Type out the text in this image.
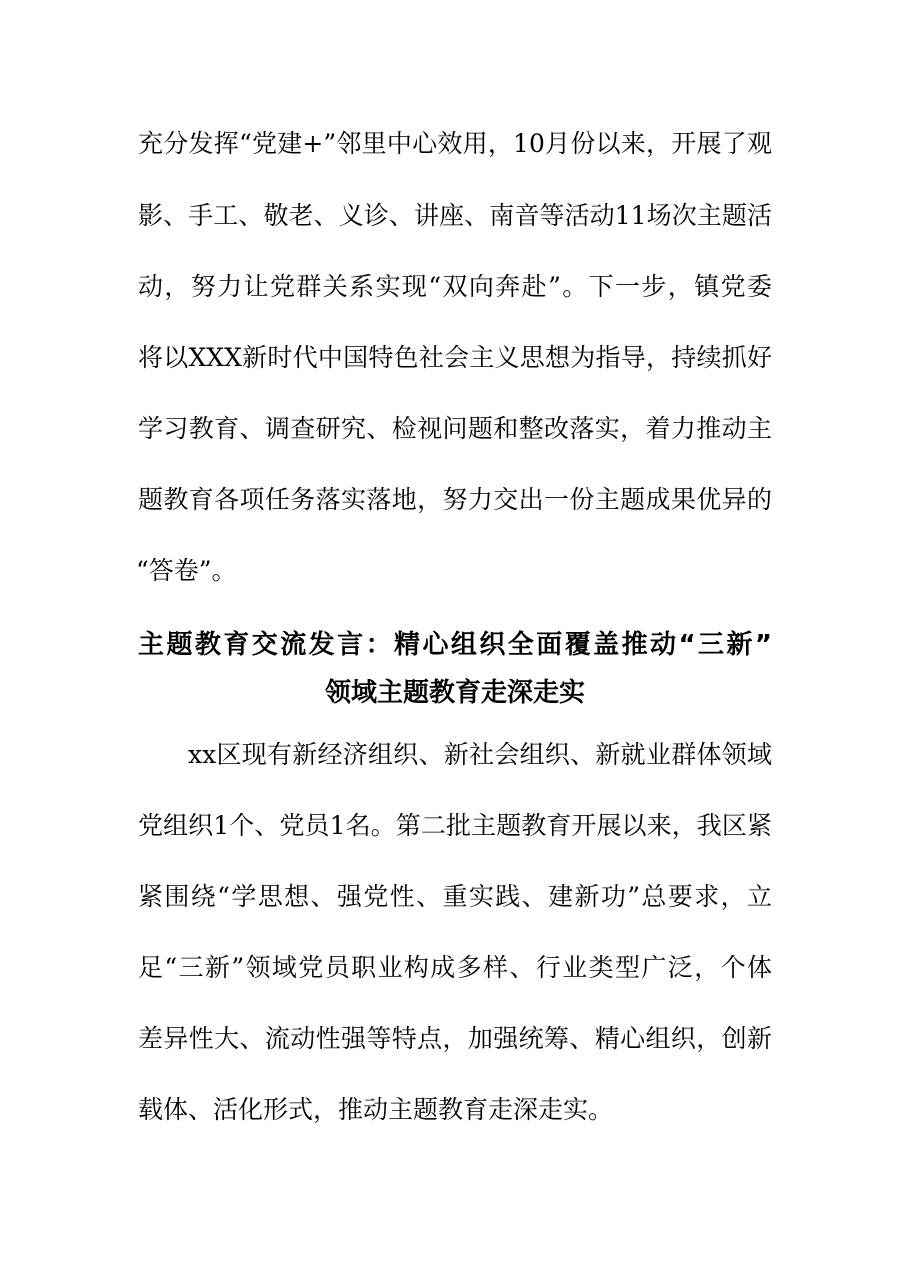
充分发挥“党建+”邻里中心效用，10月份以来，开展了观
影、手工、敬老、义诊、讲座、南音等活动11场次主题活
动，努力让党群关系实现“双向奔赴”。下一步，镇党委
将以XXX新时代中国特色社会主义思想为指导，持续抓好
学习教育、调查研究、检视问题和整改落实，着力推动主
题教育各项任务落实落地，努力交出一份主题成果优异的
“答卷”。
主题教育交流发言：精心组织全面覆盖推动“三新”
领域主题教育走深走实
xx区现有新经济组织、新社会组织、新就业群体领域
党组织1个、党员1名。第二批主题教育开展以来，我区紧
紧围绕“学思想、强党性、重实践、建新功”总要求，立
足“三新”领域党员职业构成多样、行业类型广泛，个体
差异性大、流动性强等特点，加强统筹、精心组织，创新
载体、活化形式，推动主题教育走深走实。
